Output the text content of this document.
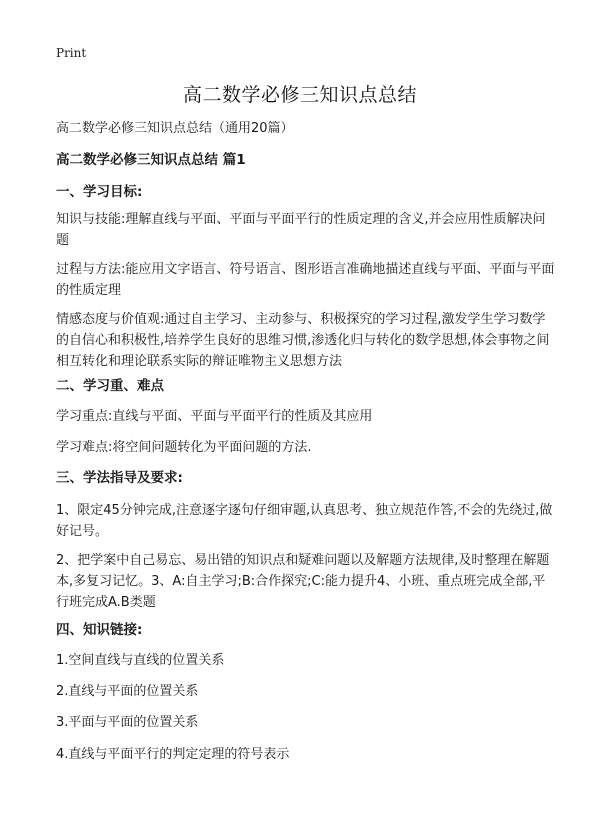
Print
高二数学必修三知识点总结
高二数学必修三知识点总结（通用20篇）
高二数学必修三知识点总结 篇1
一、学习目标:
知识与技能:理解直线与平面、平面与平面平行的性质定理的含义,并会应用性质解决问题
过程与方法:能应用文字语言、符号语言、图形语言准确地描述直线与平面、平面与平面的性质定理
情感态度与价值观:通过自主学习、主动参与、积极探究的学习过程,激发学生学习数学的自信心和积极性,培养学生良好的思维习惯,渗透化归与转化的数学思想,体会事物之间相互转化和理论联系实际的辩证唯物主义思想方法
二、学习重、难点
学习重点:直线与平面、平面与平面平行的性质及其应用
学习难点:将空间问题转化为平面问题的方法.
三、学法指导及要求:
1、限定45分钟完成,注意逐字逐句仔细审题,认真思考、独立规范作答,不会的先绕过,做好记号。
2、把学案中自己易忘、易出错的知识点和疑难问题以及解题方法规律,及时整理在解题本,多复习记忆。3、A:自主学习;B:合作探究;C:能力提升4、小班、重点班完成全部,平行班完成A.B类题
四、知识链接:
1.空间直线与直线的位置关系
2.直线与平面的位置关系
3.平面与平面的位置关系
4.直线与平面平行的判定定理的符号表示
